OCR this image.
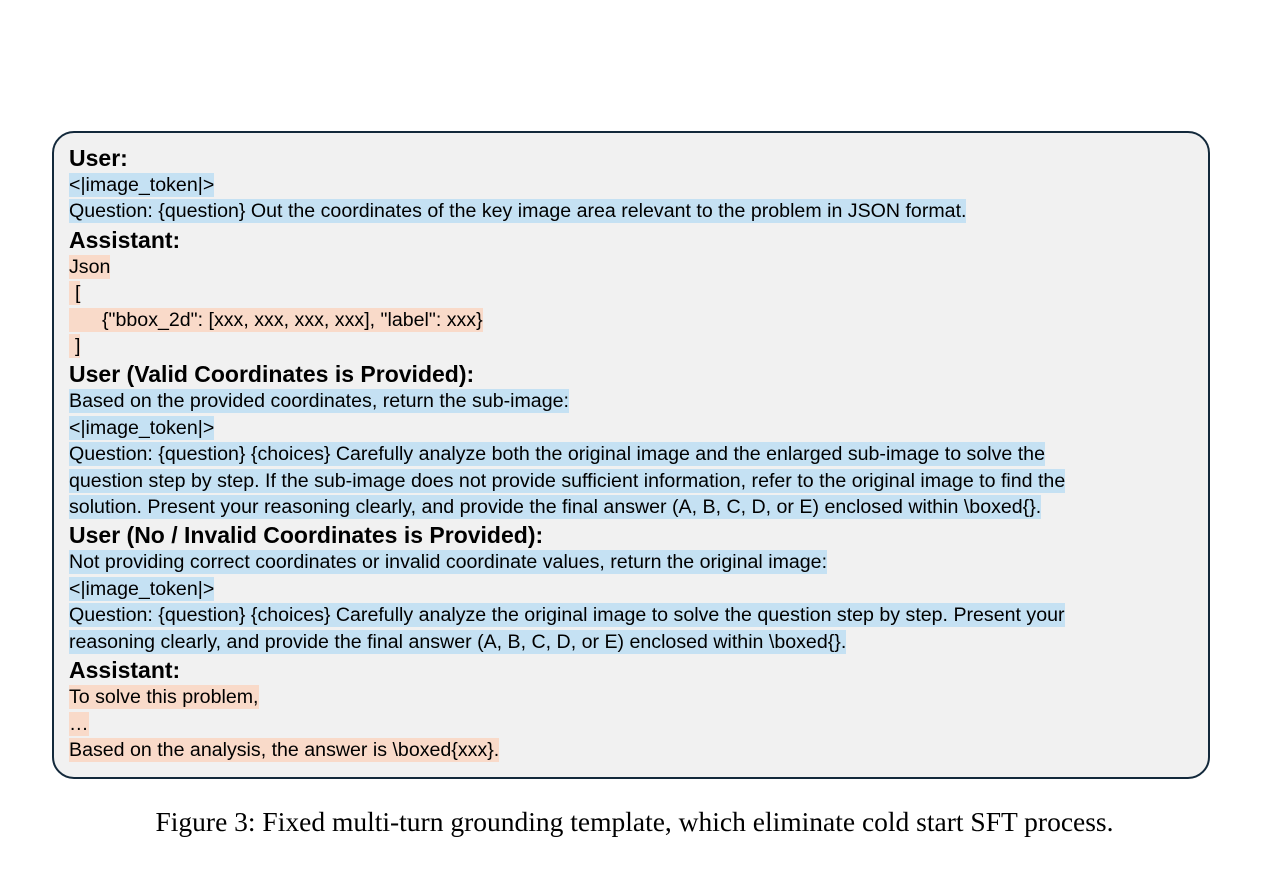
User:
<|image_token|>
Question: {question} Out the coordinates of the key image area relevant to the problem in JSON format.
Assistant:
Json
[
{"bbox_2d": [xxx, xxx, xxx, xxx], "label": xxx}
]
User (Valid Coordinates is Provided):
Based on the provided coordinates, return the sub-image:
<|image_token|>
Question: {question} {choices} Carefully analyze both the original image and the enlarged sub-image to solve the
question step by step. If the sub-image does not provide sufficient information, refer to the original image to find the
solution. Present your reasoning clearly, and provide the final answer (A, B, C, D, or E) enclosed within \boxed{}.
User (No / Invalid Coordinates is Provided):
Not providing correct coordinates or invalid coordinate values, return the original image:
<|image_token|>
Question: {question} {choices} Carefully analyze the original image to solve the question step by step. Present your
reasoning clearly, and provide the final answer (A, B, C, D, or E) enclosed within \boxed{}.
Assistant:
To solve this problem,
…
Based on the analysis, the answer is \boxed{xxx}.
Figure 3: Fixed multi-turn grounding template, which eliminate cold start SFT process.
